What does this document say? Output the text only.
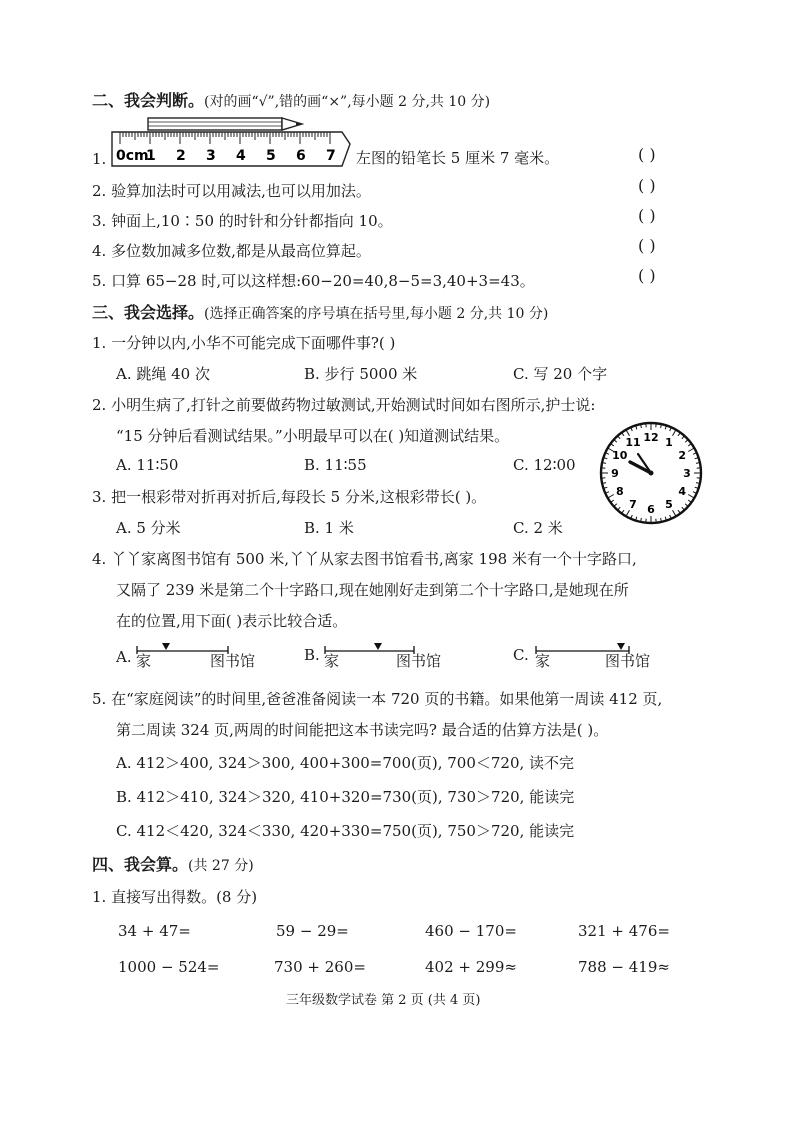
二、我会判断。(对的画“√”,错的画“×”,每小题 2 分,共 10 分)
0cm
1 2 3 4 5 6 7
1.	左图的铅笔长 5 厘米 7 毫米。	( )
2. 验算加法时可以用减法,也可以用加法。	( )
3. 钟面上,10∶50 的时针和分针都指向 10。	( )
4. 多位数加减多位数,都是从最高位算起。	( )
5. 口算 65−28 时,可以这样想:60−20=40,8−5=3,40+3=43。	( )
三、我会选择。(选择正确答案的序号填在括号里,每小题 2 分,共 10 分)
1. 一分钟以内,小华不可能完成下面哪件事?( )
A. 跳绳 40 次	B. 步行 5000 米	C. 写 20 个字
2. 小明生病了,打针之前要做药物过敏测试,开始测试时间如右图所示,护士说:
“15 分钟后看测试结果。”小明最早可以在( )知道测试结果。
A. 11∶50	B. 11∶55	C. 12∶00
12 1
2
3
4
5
6
7
8
9
10
11
3. 把一根彩带对折再对折后,每段长 5 分米,这根彩带长( )。
A. 5 分米	B. 1 米	C. 2 米
4. 丫丫家离图书馆有 500 米,丫丫从家去图书馆看书,离家 198 米有一个十字路口,
又隔了 239 米是第二个十字路口,现在她刚好走到第二个十字路口,是她现在所
在的位置,用下面( )表示比较合适。
A. 家	图书馆	B. 家	图书馆	C. 家	图书馆
5. 在“家庭阅读”的时间里,爸爸准备阅读一本 720 页的书籍。如果他第一周读 412 页,
第二周读 324 页,两周的时间能把这本书读完吗? 最合适的估算方法是( )。
A. 412＞400, 324＞300, 400+300=700(页), 700＜720, 读不完
B. 412＞410, 324＞320, 410+320=730(页), 730＞720, 能读完
C. 412＜420, 324＜330, 420+330=750(页), 750＞720, 能读完
四、我会算。(共 27 分)
1. 直接写出得数。(8 分)
34 + 47=	59 − 29=	460 − 170=	321 + 476=
1000 − 524=	730 + 260=	402 + 299≈	788 − 419≈
三年级数学试卷 第 2 页 (共 4 页)
